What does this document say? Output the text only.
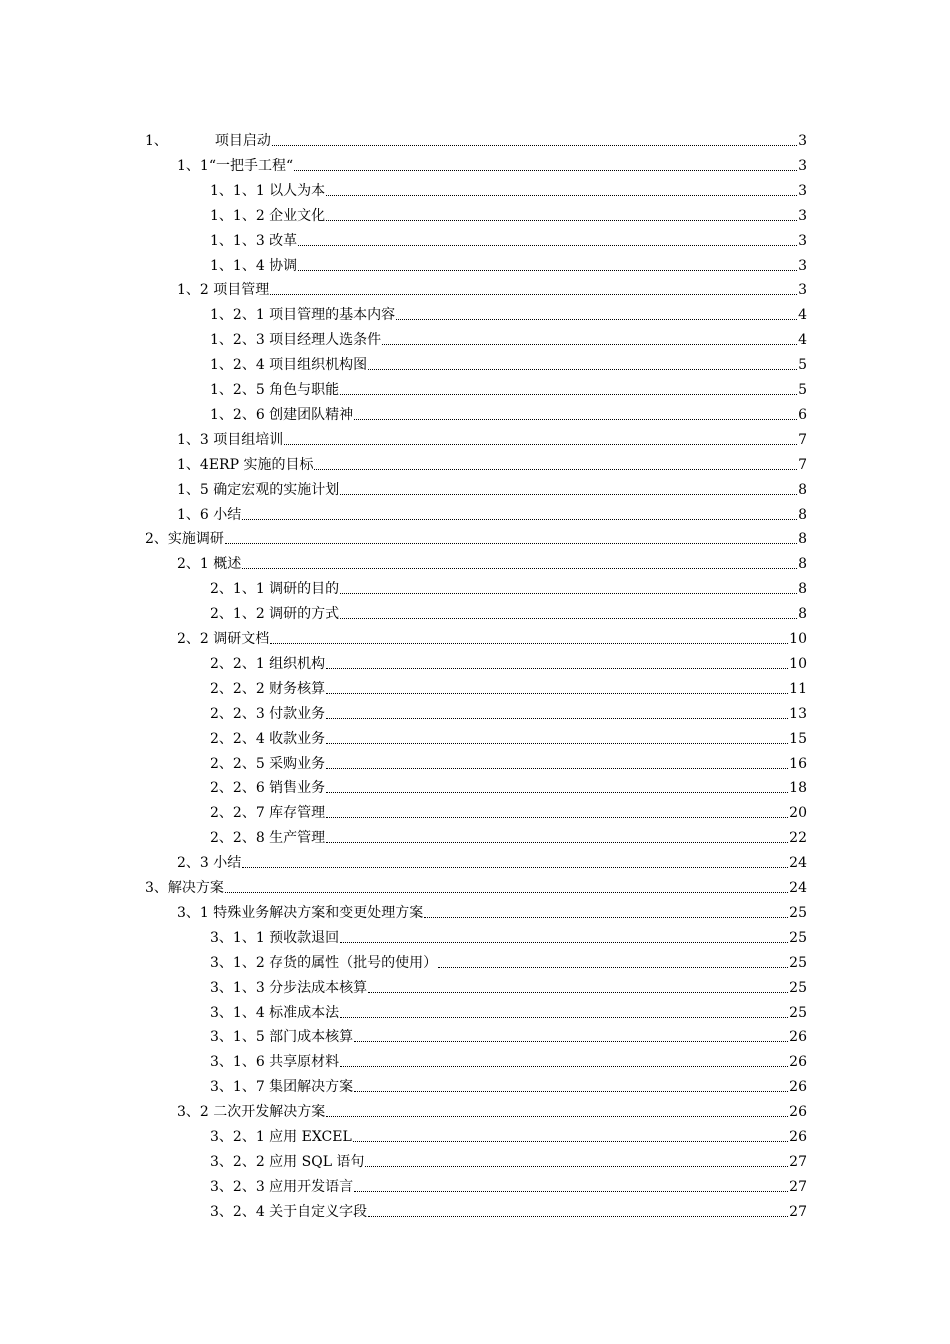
1、	项目启动	3
1、1“一把手工程“	3
1、1、1 以人为本	3
1、1、2 企业文化	3
1、1、3 改革	3
1、1、4 协调	3
1、2 项目管理	3
1、2、1 项目管理的基本内容	4
1、2、3 项目经理人选条件	4
1、2、4 项目组织机构图	5
1、2、5 角色与职能	5
1、2、6 创建团队精神	6
1、3 项目组培训	7
1、4ERP 实施的目标	7
1、5 确定宏观的实施计划	8
1、6 小结	8
2、实施调研	8
2、1 概述	8
2、1、1 调研的目的	8
2、1、2 调研的方式	8
2、2 调研文档	10
2、2、1 组织机构	10
2、2、2 财务核算	11
2、2、3 付款业务	13
2、2、4 收款业务	15
2、2、5 采购业务	16
2、2、6 销售业务	18
2、2、7 库存管理	20
2、2、8 生产管理	22
2、3 小结	24
3、解决方案	24
3、1 特殊业务解决方案和变更处理方案	25
3、1、1 预收款退回	25
3、1、2 存货的属性（批号的使用）	25
3、1、3 分步法成本核算	25
3、1、4 标准成本法	25
3、1、5 部门成本核算	26
3、1、6 共享原材料	26
3、1、7 集团解决方案	26
3、2 二次开发解决方案	26
3、2、1 应用 EXCEL	26
3、2、2 应用 SQL 语句	27
3、2、3 应用开发语言	27
3、2、4 关于自定义字段	27
